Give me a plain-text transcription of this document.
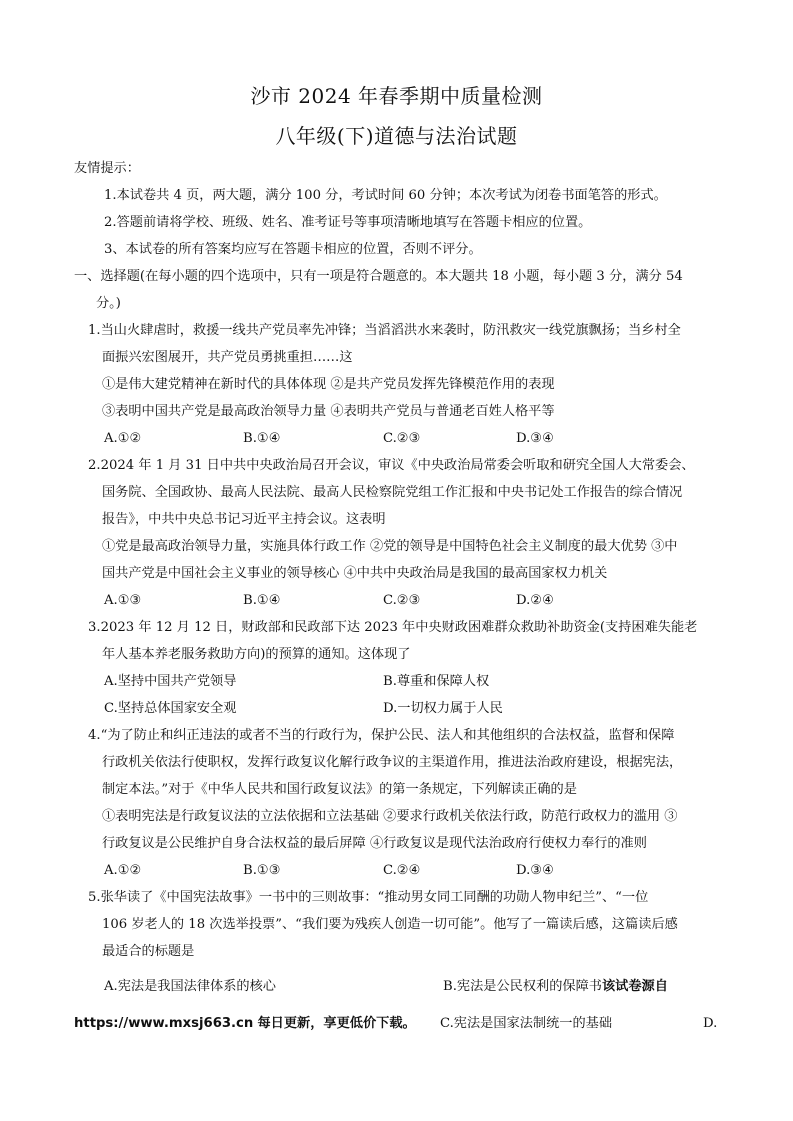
沙市 2024 年春季期中质量检测
八年级(下)道德与法治试题
友情提示：
1.本试卷共 4 页，两大题，满分 100 分，考试时间 60 分钟；本次考试为闭卷书面笔答的形式。
2.答题前请将学校、班级、姓名、准考证号等事项清晰地填写在答题卡相应的位置。
3、本试卷的所有答案均应写在答题卡相应的位置，否则不评分。
一、选择题(在每小题的四个选项中，只有一项是符合题意的。本大题共 18 小题，每小题 3 分，满分 54
分。)
1.当山火肆虐时，救援一线共产党员率先冲锋；当滔滔洪水来袭时，防汛救灾一线党旗飘扬；当乡村全
面振兴宏图展开，共产党员勇挑重担……这
①是伟大建党精神在新时代的具体体现 ②是共产党员发挥先锋模范作用的表现
③表明中国共产党是最高政治领导力量 ④表明共产党员与普通老百姓人格平等
A.①②	B.①④	C.②③	D.③④
2.2024 年 1 月 31 日中共中央政治局召开会议，审议《中央政治局常委会听取和研究全国人大常委会、
国务院、全国政协、最高人民法院、最高人民检察院党组工作汇报和中央书记处工作报告的综合情况
报告》，中共中央总书记习近平主持会议。这表明
①党是最高政治领导力量，实施具体行政工作 ②党的领导是中国特色社会主义制度的最大优势 ③中
国共产党是中国社会主义事业的领导核心 ④中共中央政治局是我国的最高国家权力机关
A.①③	B.①④	C.②③	D.②④
3.2023 年 12 月 12 日，财政部和民政部下达 2023 年中央财政困难群众救助补助资金(支持困难失能老
年人基本养老服务救助方向)的预算的通知。这体现了
A.坚持中国共产党领导	B.尊重和保障人权
C.坚持总体国家安全观	D.一切权力属于人民
4.“为了防止和纠正违法的或者不当的行政行为，保护公民、法人和其他组织的合法权益，监督和保障
行政机关依法行使职权，发挥行政复议化解行政争议的主渠道作用，推进法治政府建设，根据宪法，
制定本法。”对于《中华人民共和国行政复议法》的第一条规定，下列解读正确的是
①表明宪法是行政复议法的立法依据和立法基础 ②要求行政机关依法行政，防范行政权力的滥用 ③
行政复议是公民维护自身合法权益的最后屏障 ④行政复议是现代法治政府行使权力奉行的准则
A.①②	B.①③	C.②④	D.③④
5.张华读了《中国宪法故事》一书中的三则故事：“推动男女同工同酬的功勋人物申纪兰”、“一位
106 岁老人的 18 次选举投票”、“我们要为残疾人创造一切可能”。他写了一篇读后感，这篇读后感
最适合的标题是
A.宪法是我国法律体系的核心	B.宪法是公民权利的保障书该试卷源自
https://www.mxsj663.cn 每日更新，享更低价下载。 C.宪法是国家法制统一的基础	D.
